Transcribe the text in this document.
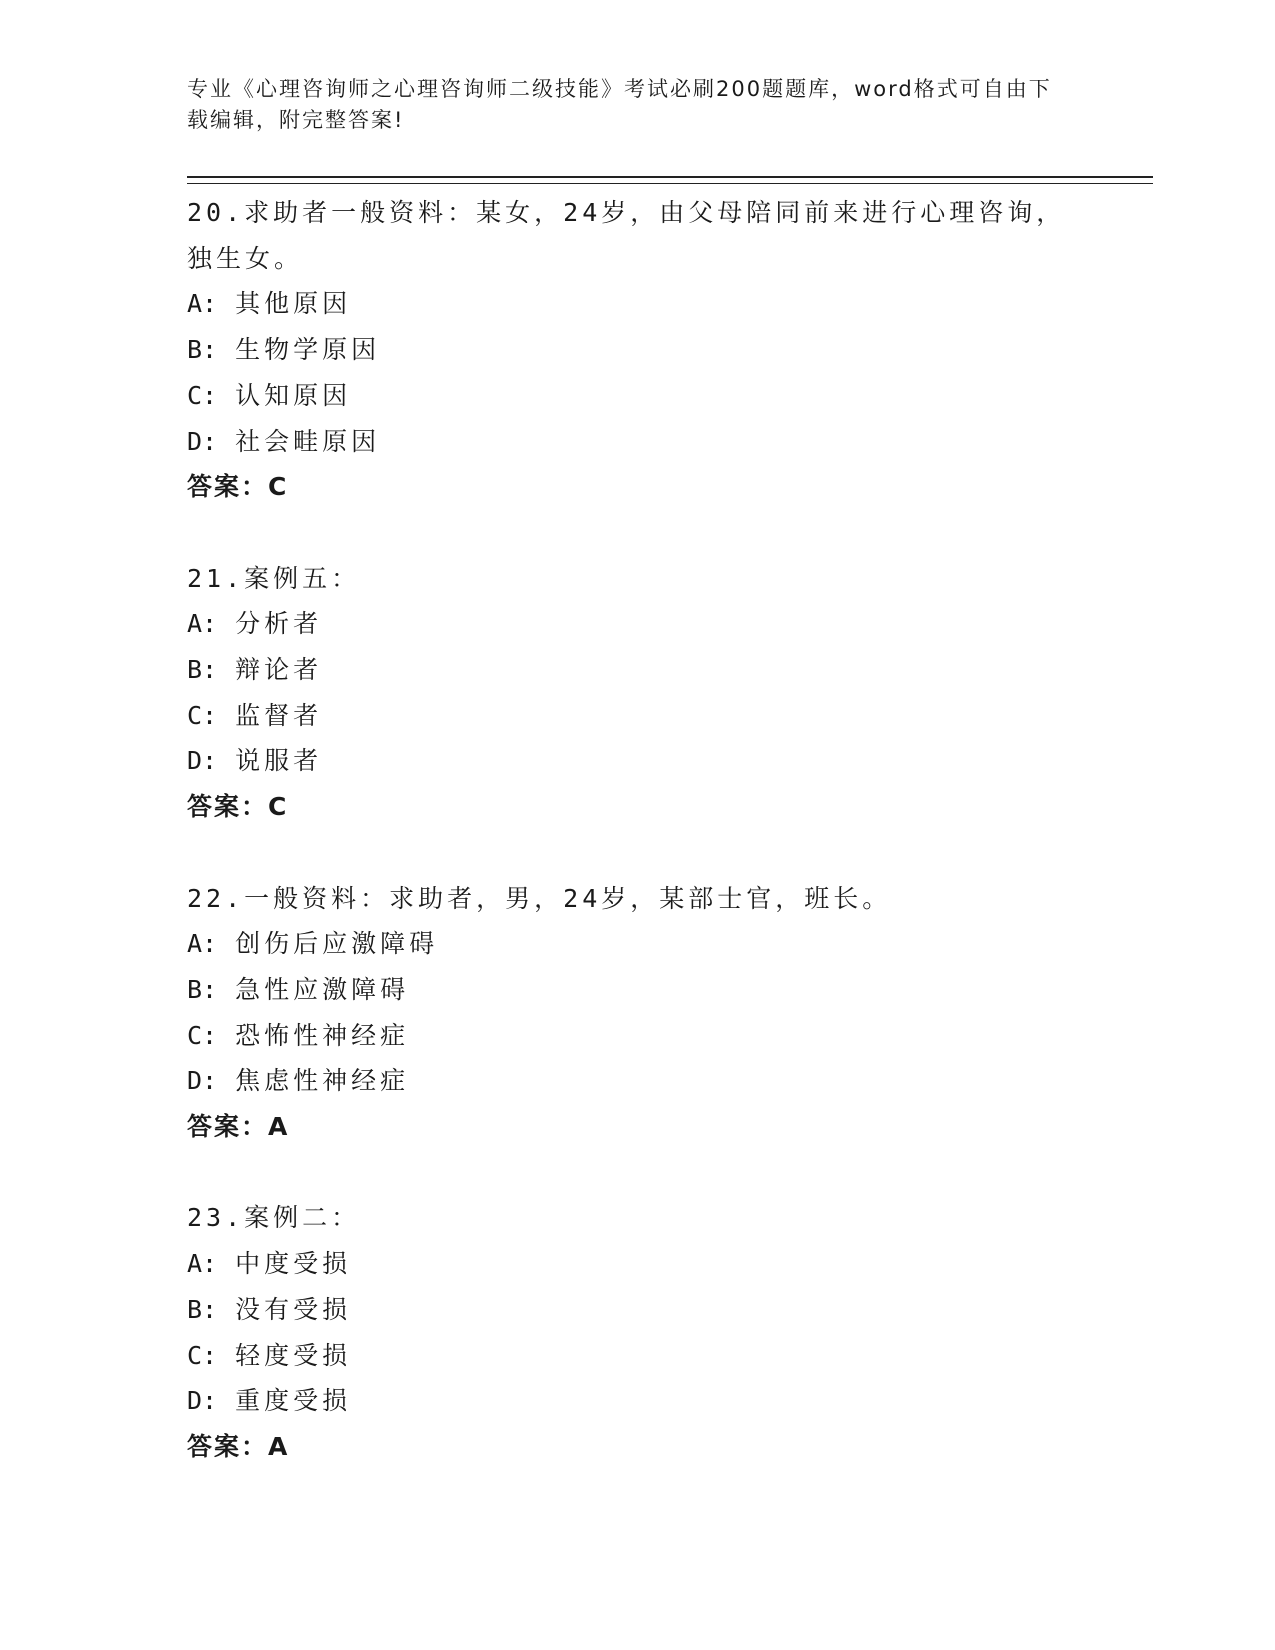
专业《心理咨询师之心理咨询师二级技能》考试必刷200题题库，word格式可自由下载编辑，附完整答案!
20.求助者一般资料：某女，24岁，由父母陪同前来进行心理咨询，独生女。
A: 其他原因
B: 生物学原因
C: 认知原因
D: 社会畦原因
答案：C
21.案例五：
A: 分析者
B: 辩论者
C: 监督者
D: 说服者
答案：C
22.一般资料：求助者，男，24岁，某部士官，班长。
A: 创伤后应激障碍
B: 急性应激障碍
C: 恐怖性神经症
D: 焦虑性神经症
答案：A
23.案例二：
A: 中度受损
B: 没有受损
C: 轻度受损
D: 重度受损
答案：A
